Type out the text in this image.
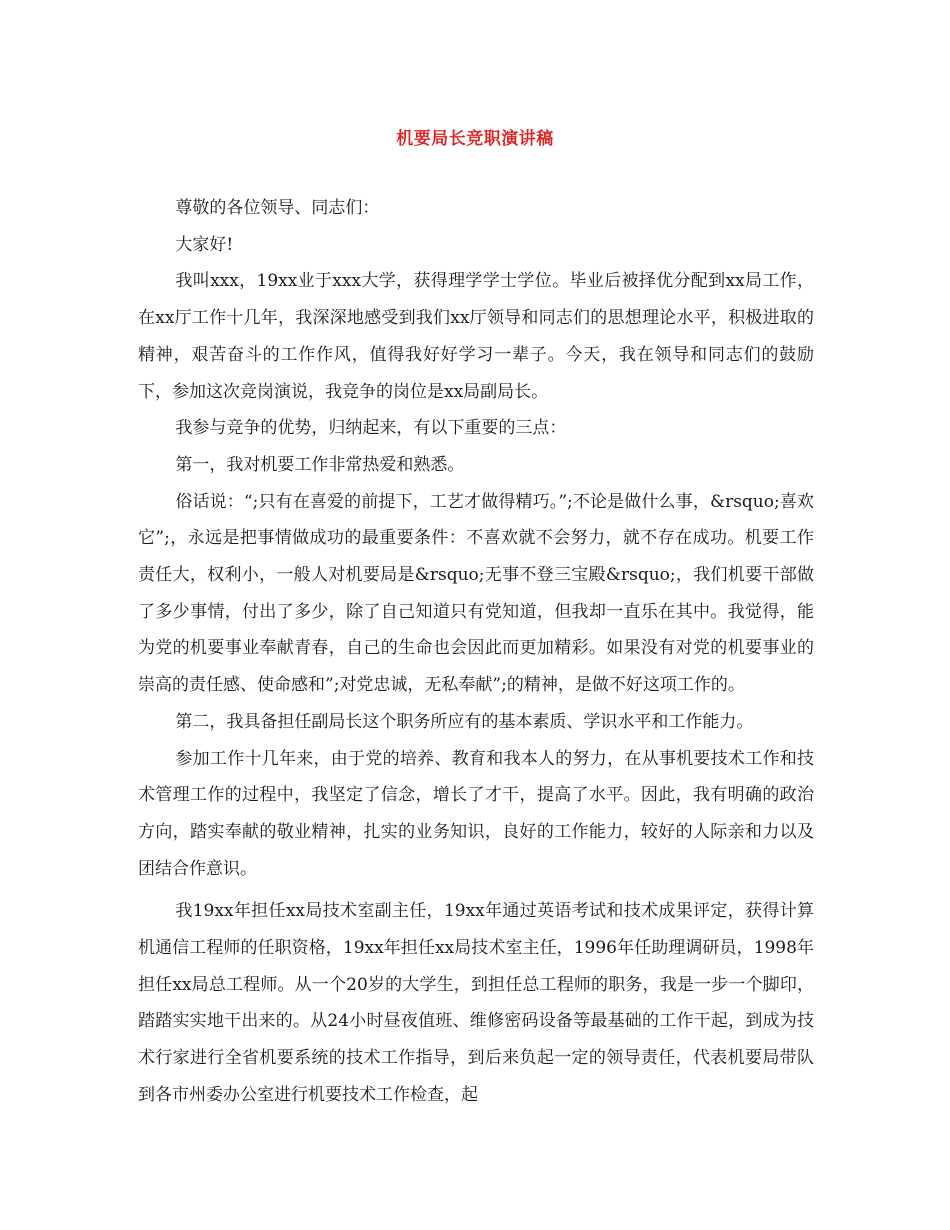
机要局长竞职演讲稿

尊敬的各位领导、同志们：

大家好!

我叫xxx，19xx业于xxx大学，获得理学学士学位。毕业后被择优分配到xx局工作，在xx厅工作十几年，我深深地感受到我们xx厅领导和同志们的思想理论水平，积极进取的精神，艰苦奋斗的工作作风，值得我好好学习一辈子。今天，我在领导和同志们的鼓励下，参加这次竞岗演说，我竞争的岗位是xx局副局长。

我参与竞争的优势，归纳起来，有以下重要的三点：

第一，我对机要工作非常热爱和熟悉。

俗话说：“;只有在喜爱的前提下，工艺才做得精巧。”;不论是做什么事，&rsquo;喜欢它”;，永远是把事情做成功的最重要条件：不喜欢就不会努力，就不存在成功。机要工作责任大，权利小，一般人对机要局是&rsquo;无事不登三宝殿&rsquo;，我们机要干部做了多少事情，付出了多少，除了自己知道只有党知道，但我却一直乐在其中。我觉得，能为党的机要事业奉献青春，自己的生命也会因此而更加精彩。如果没有对党的机要事业的崇高的责任感、使命感和”;对党忠诚，无私奉献”;的精神，是做不好这项工作的。

第二，我具备担任副局长这个职务所应有的基本素质、学识水平和工作能力。

参加工作十几年来，由于党的培养、教育和我本人的努力，在从事机要技术工作和技术管理工作的过程中，我坚定了信念，增长了才干，提高了水平。因此，我有明确的政治方向，踏实奉献的敬业精神，扎实的业务知识，良好的工作能力，较好的人际亲和力以及团结合作意识。

我19xx年担任xx局技术室副主任，19xx年通过英语考试和技术成果评定，获得计算机通信工程师的任职资格，19xx年担任xx局技术室主任，1996年任助理调研员，1998年担任xx局总工程师。从一个20岁的大学生，到担任总工程师的职务，我是一步一个脚印，踏踏实实地干出来的。从24小时昼夜值班、维修密码设备等最基础的工作干起，到成为技术行家进行全省机要系统的技术工作指导，到后来负起一定的领导责任，代表机要局带队到各市州委办公室进行机要技术工作检查，起
